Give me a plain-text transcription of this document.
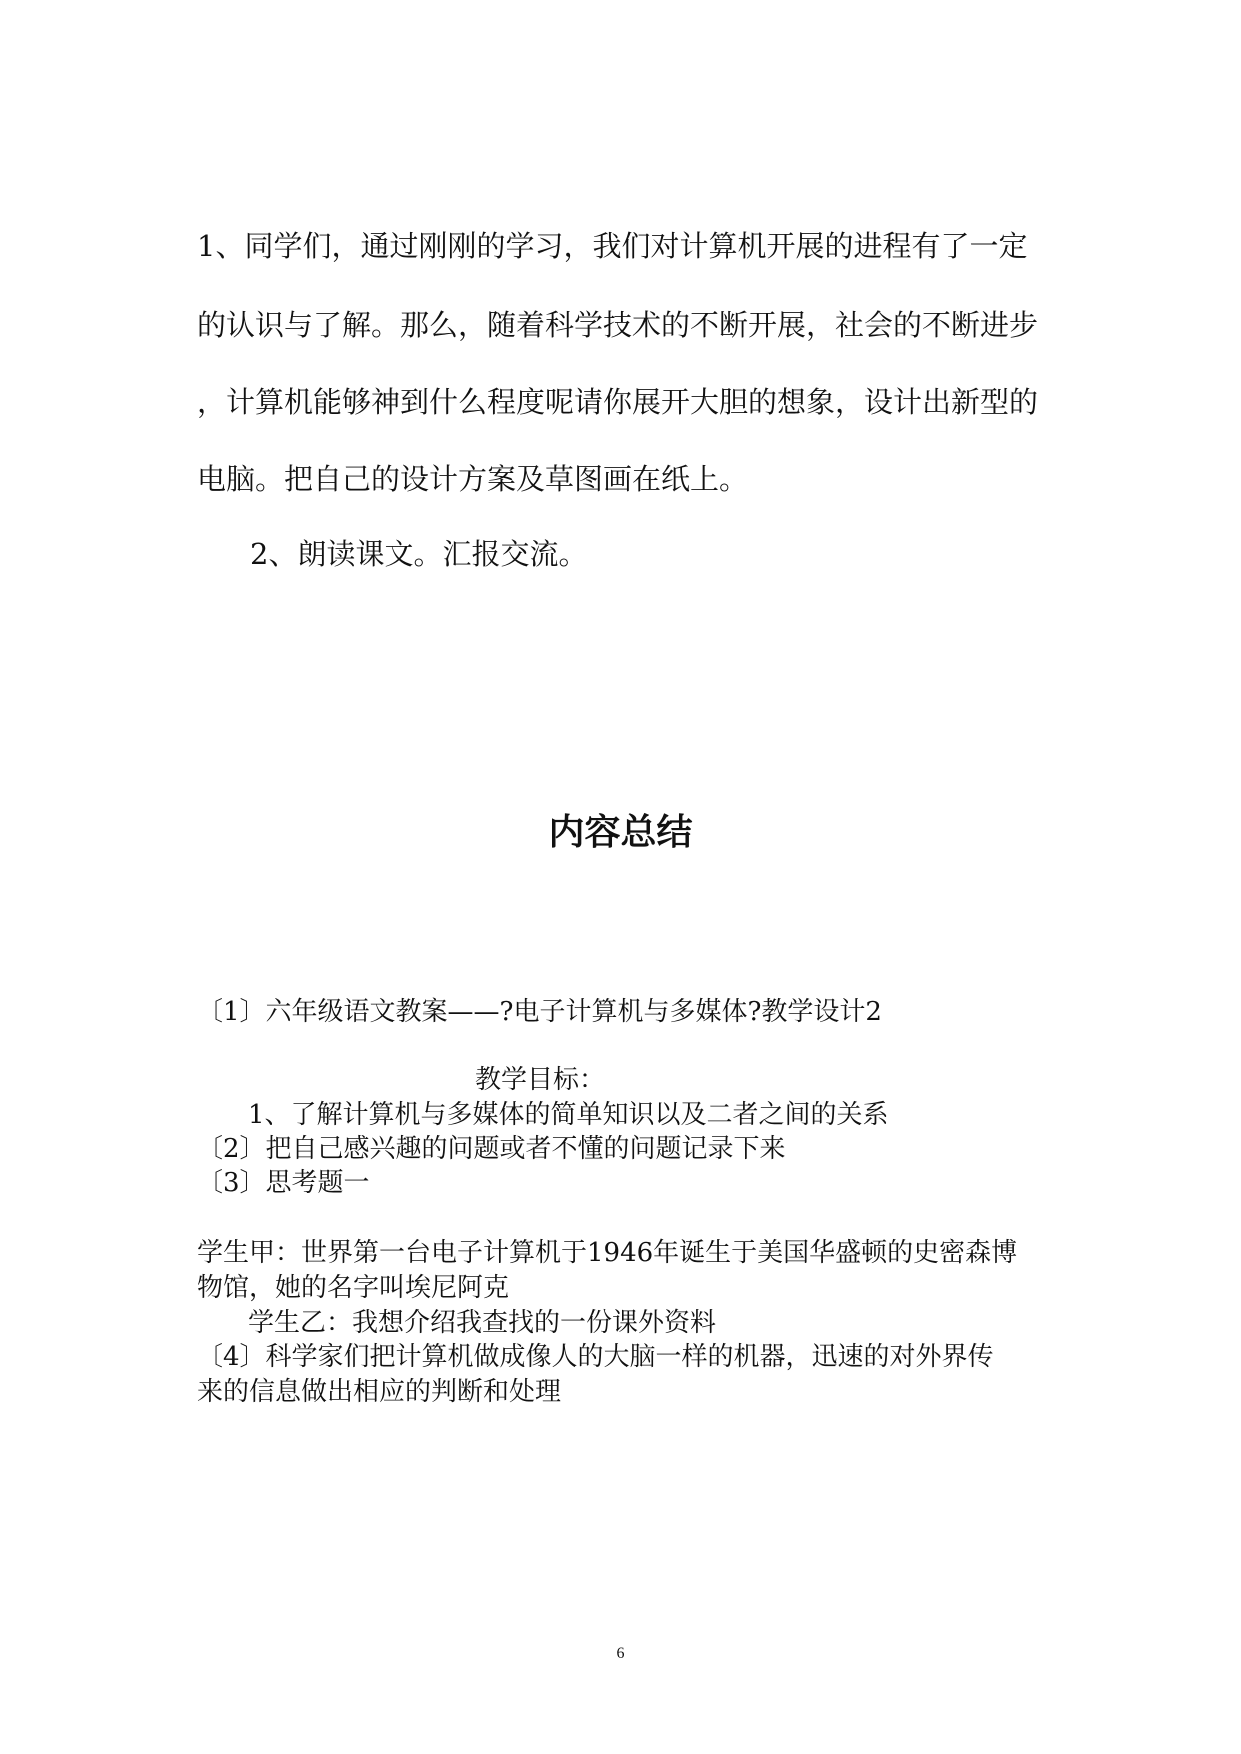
1、同学们，通过刚刚的学习，我们对计算机开展的进程有了一定
的认识与了解。那么，随着科学技术的不断开展，社会的不断进步
，计算机能够神到什么程度呢请你展开大胆的想象，设计出新型的
电脑。把自己的设计方案及草图画在纸上。
2、朗读课文。汇报交流。
内容总结
〔1〕六年级语文教案——?电子计算机与多媒体?教学设计2
教学目标：
1、了解计算机与多媒体的简单知识以及二者之间的关系
〔2〕把自己感兴趣的问题或者不懂的问题记录下来
〔3〕思考题一
学生甲：世界第一台电子计算机于1946年诞生于美国华盛顿的史密森博
物馆，她的名字叫埃尼阿克
学生乙：我想介绍我查找的一份课外资料
〔4〕科学家们把计算机做成像人的大脑一样的机器，迅速的对外界传
来的信息做出相应的判断和处理
6
